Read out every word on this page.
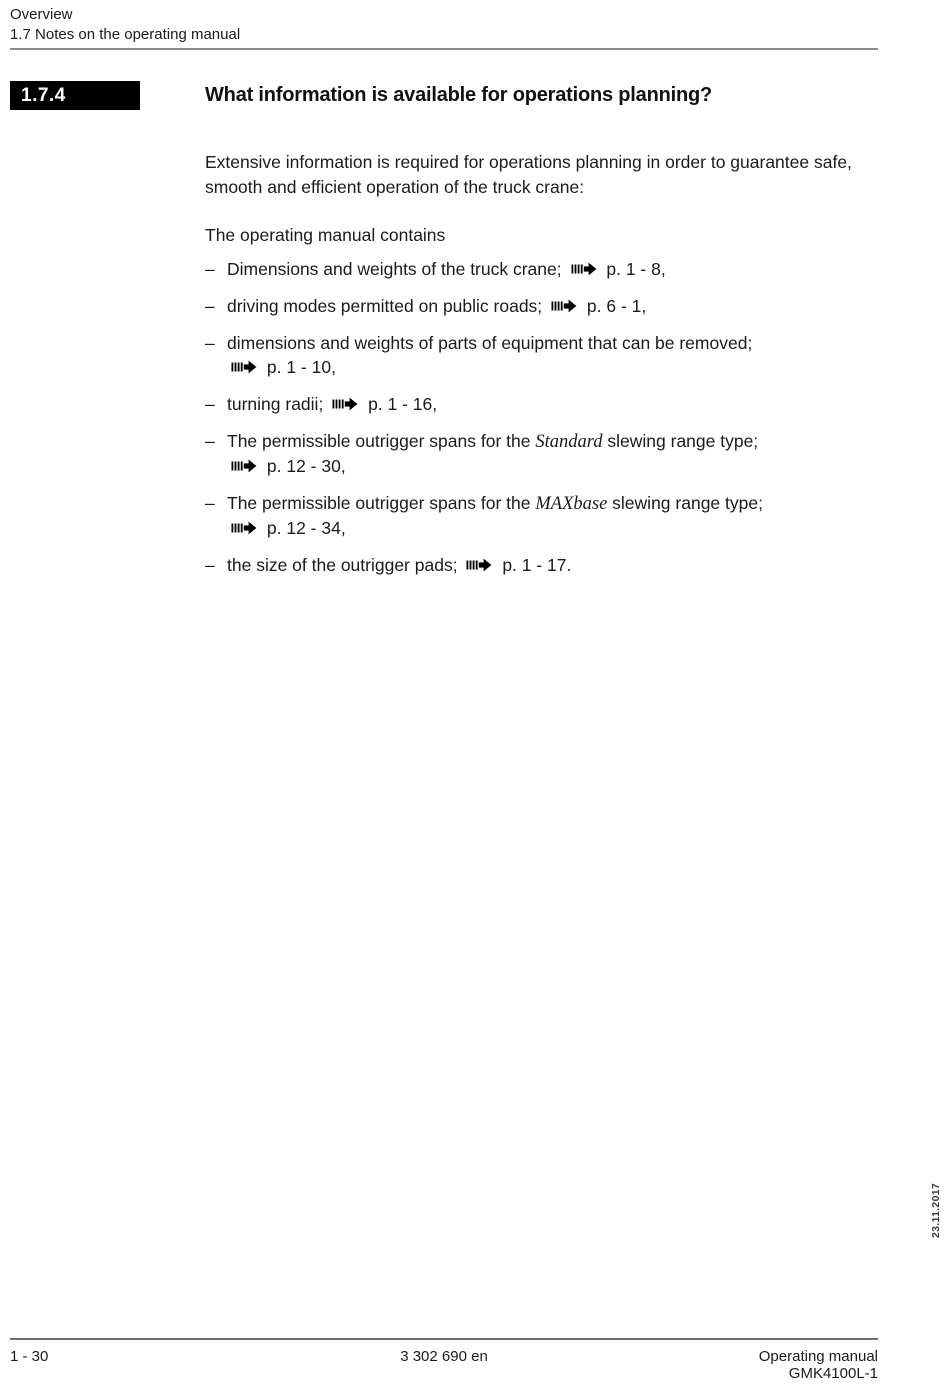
Overview
1.7 Notes on the operating manual
1.7.4	What information is available for operations planning?

Extensive information is required for operations planning in order to guarantee safe, smooth and efficient operation of the truck crane:

The operating manual contains

– Dimensions and weights of the truck crane;	p. 1 - 8,
– driving modes permitted on public roads;	p. 6 - 1,
– dimensions and weights of parts of equipment that can be removed;
p. 1 - 10,
– turning radii;	p. 1 - 16,
– The permissible outrigger spans for the Standard slewing range type;
p. 12 - 30,
– The permissible outrigger spans for the MAXbase slewing range type;
p. 12 - 34,
– the size of the outrigger pads;	p. 1 - 17.
23.11.2017
1 - 30	3 302 690 en	Operating manual
GMK4100L-1
